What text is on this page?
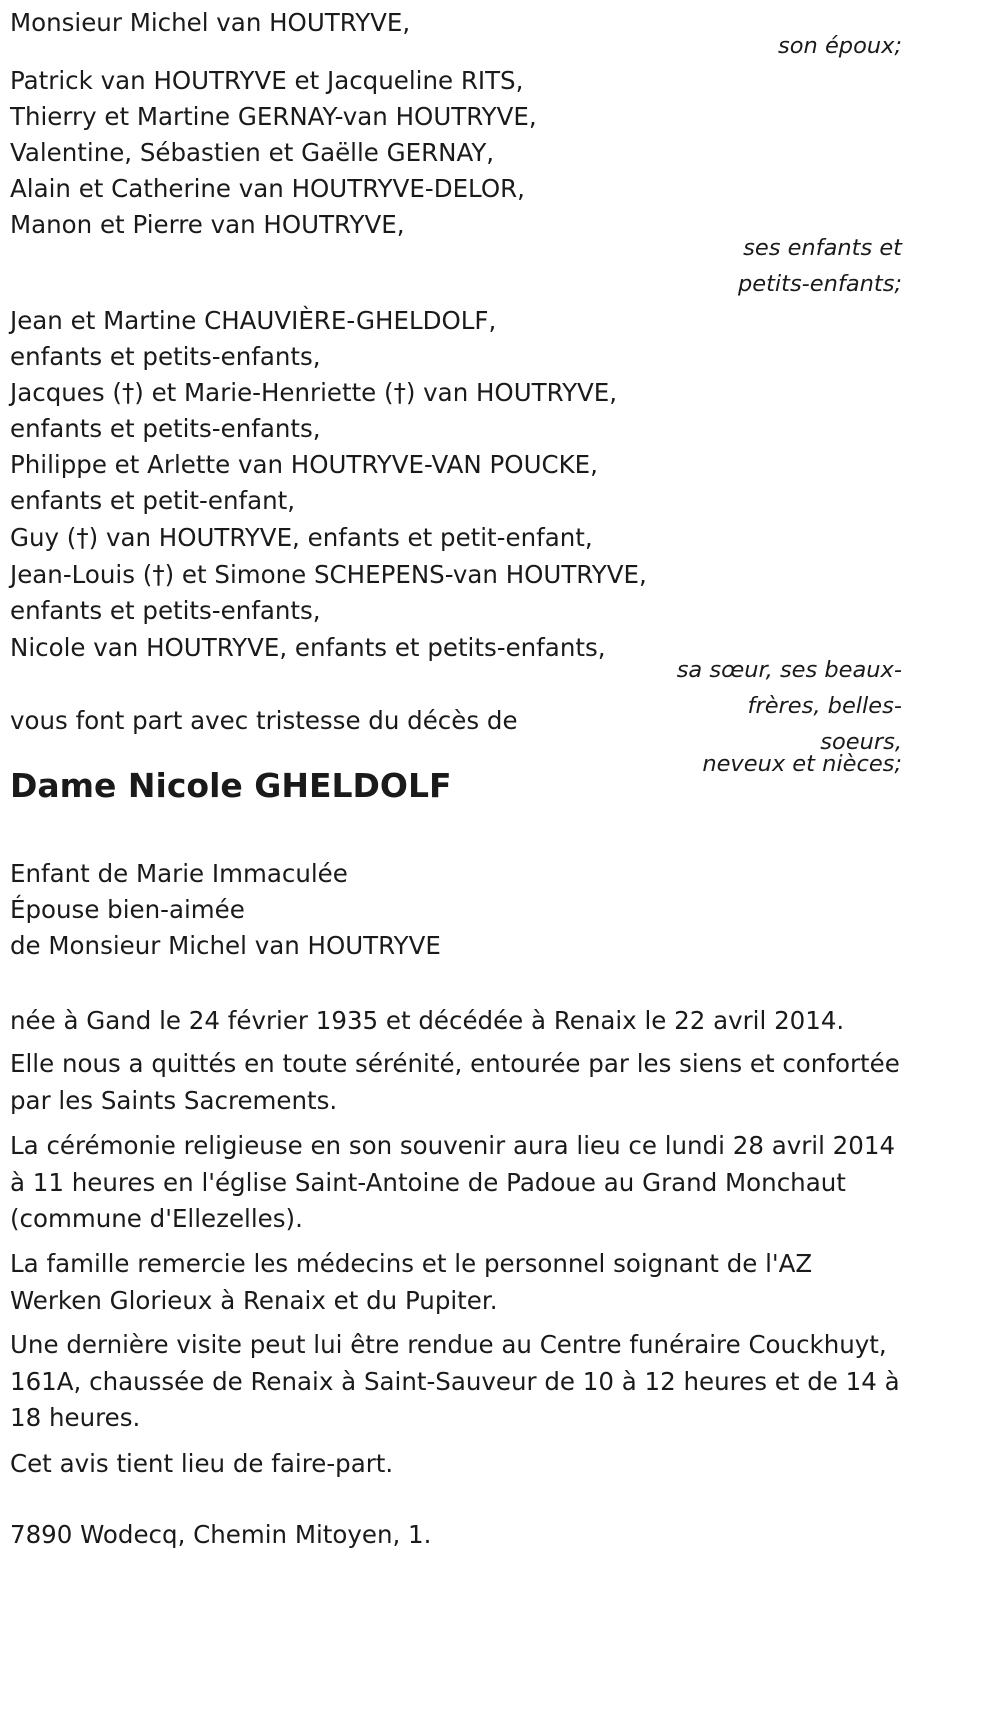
Monsieur Michel van HOUTRYVE,
son époux;
Patrick van HOUTRYVE et Jacqueline RITS,
Thierry et Martine GERNAY-van HOUTRYVE,
Valentine, Sébastien et Gaëlle GERNAY,
Alain et Catherine van HOUTRYVE-DELOR,
Manon et Pierre van HOUTRYVE,
ses enfants et
petits-enfants;
Jean et Martine CHAUVIÈRE-GHELDOLF,
enfants et petits-enfants,
Jacques (†) et Marie-Henriette (†) van HOUTRYVE,
enfants et petits-enfants,
Philippe et Arlette van HOUTRYVE-VAN POUCKE,
enfants et petit-enfant,
Guy (†) van HOUTRYVE, enfants et petit-enfant,
Jean-Louis (†) et Simone SCHEPENS-van HOUTRYVE,
enfants et petits-enfants,
Nicole van HOUTRYVE, enfants et petits-enfants,
sa sœur, ses beaux-
frères, belles-
soeurs,
neveux et nièces;
vous font part avec tristesse du décès de
Dame Nicole GHELDOLF
Enfant de Marie Immaculée
Épouse bien-aimée
de Monsieur Michel van HOUTRYVE
née à Gand le 24 février 1935 et décédée à Renaix le 22 avril 2014.
Elle nous a quittés en toute sérénité, entourée par les siens et confortée par les Saints Sacrements.
La cérémonie religieuse en son souvenir aura lieu ce lundi 28 avril 2014 à 11 heures en l'église Saint-Antoine de Padoue au Grand Monchaut (commune d'Ellezelles).
La famille remercie les médecins et le personnel soignant de l'AZ Werken Glorieux à Renaix et du Pupiter.
Une dernière visite peut lui être rendue au Centre funéraire Couckhuyt, 161A, chaussée de Renaix à Saint-Sauveur de 10 à 12 heures et de 14 à 18 heures.
Cet avis tient lieu de faire-part.
7890 Wodecq, Chemin Mitoyen, 1.
